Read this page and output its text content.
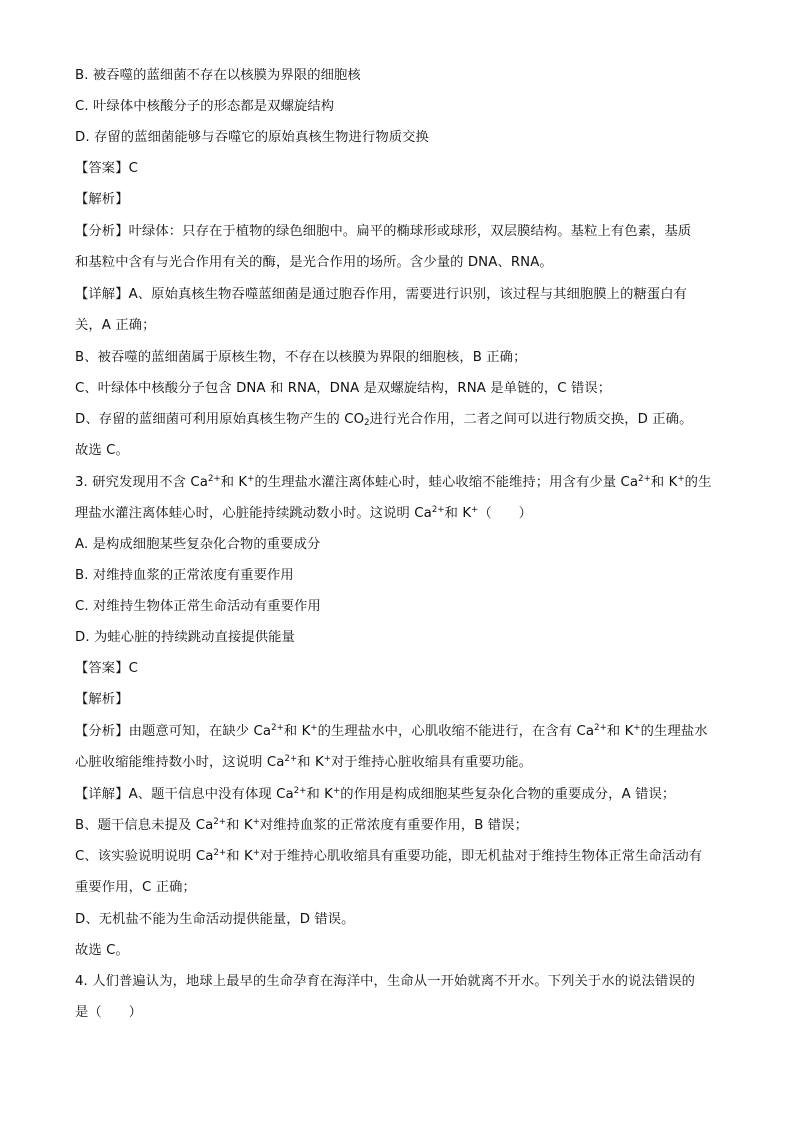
B. 被吞噬的蓝细菌不存在以核膜为界限的细胞核
C. 叶绿体中核酸分子的形态都是双螺旋结构
D. 存留的蓝细菌能够与吞噬它的原始真核生物进行物质交换
【答案】C
【解析】
【分析】叶绿体：只存在于植物的绿色细胞中。扁平的椭球形或球形，双层膜结构。基粒上有色素，基质
和基粒中含有与光合作用有关的酶，是光合作用的场所。含少量的 DNA、RNA。
【详解】A、原始真核生物吞噬蓝细菌是通过胞吞作用，需要进行识别，该过程与其细胞膜上的糖蛋白有
关，A 正确；
B、被吞噬的蓝细菌属于原核生物，不存在以核膜为界限的细胞核，B 正确；
C、叶绿体中核酸分子包含 DNA 和 RNA，DNA 是双螺旋结构，RNA 是单链的，C 错误；
D、存留的蓝细菌可利用原始真核生物产生的 $CO_2$进行光合作用，二者之间可以进行物质交换，D 正确。
故选 C。
3. 研究发现用不含 $Ca^{2+}$和 K+的生理盐水灌注离体蛙心时，蛙心收缩不能维持；用含有少量 $Ca^{2+}$和 K+的生
理盐水灌注离体蛙心时，心脏能持续跳动数小时。这说明 $Ca^{2+}$和 K+（　　）
A. 是构成细胞某些复杂化合物的重要成分
B. 对维持血浆的正常浓度有重要作用
C. 对维持生物体正常生命活动有重要作用
D. 为蛙心脏的持续跳动直接提供能量
【答案】C
【解析】
【分析】由题意可知，在缺少 $Ca^{2+}$和 K+的生理盐水中，心肌收缩不能进行，在含有 $Ca^{2+}$和 K+的生理盐水
心脏收缩能维持数小时，这说明 $Ca^{2+}$和 K+对于维持心脏收缩具有重要功能。
【详解】A、题干信息中没有体现 $Ca^{2+}$和 K+的作用是构成细胞某些复杂化合物的重要成分，A 错误；
B、题干信息未提及 $Ca^{2+}$和 K+对维持血浆的正常浓度有重要作用，B 错误；
C、该实验说明说明 $Ca^{2+}$和 K+对于维持心肌收缩具有重要功能，即无机盐对于维持生物体正常生命活动有
重要作用，C 正确；
D、无机盐不能为生命活动提供能量，D 错误。
故选 C。
4. 人们普遍认为，地球上最早的生命孕育在海洋中，生命从一开始就离不开水。下列关于水的说法错误的
是（　　）
